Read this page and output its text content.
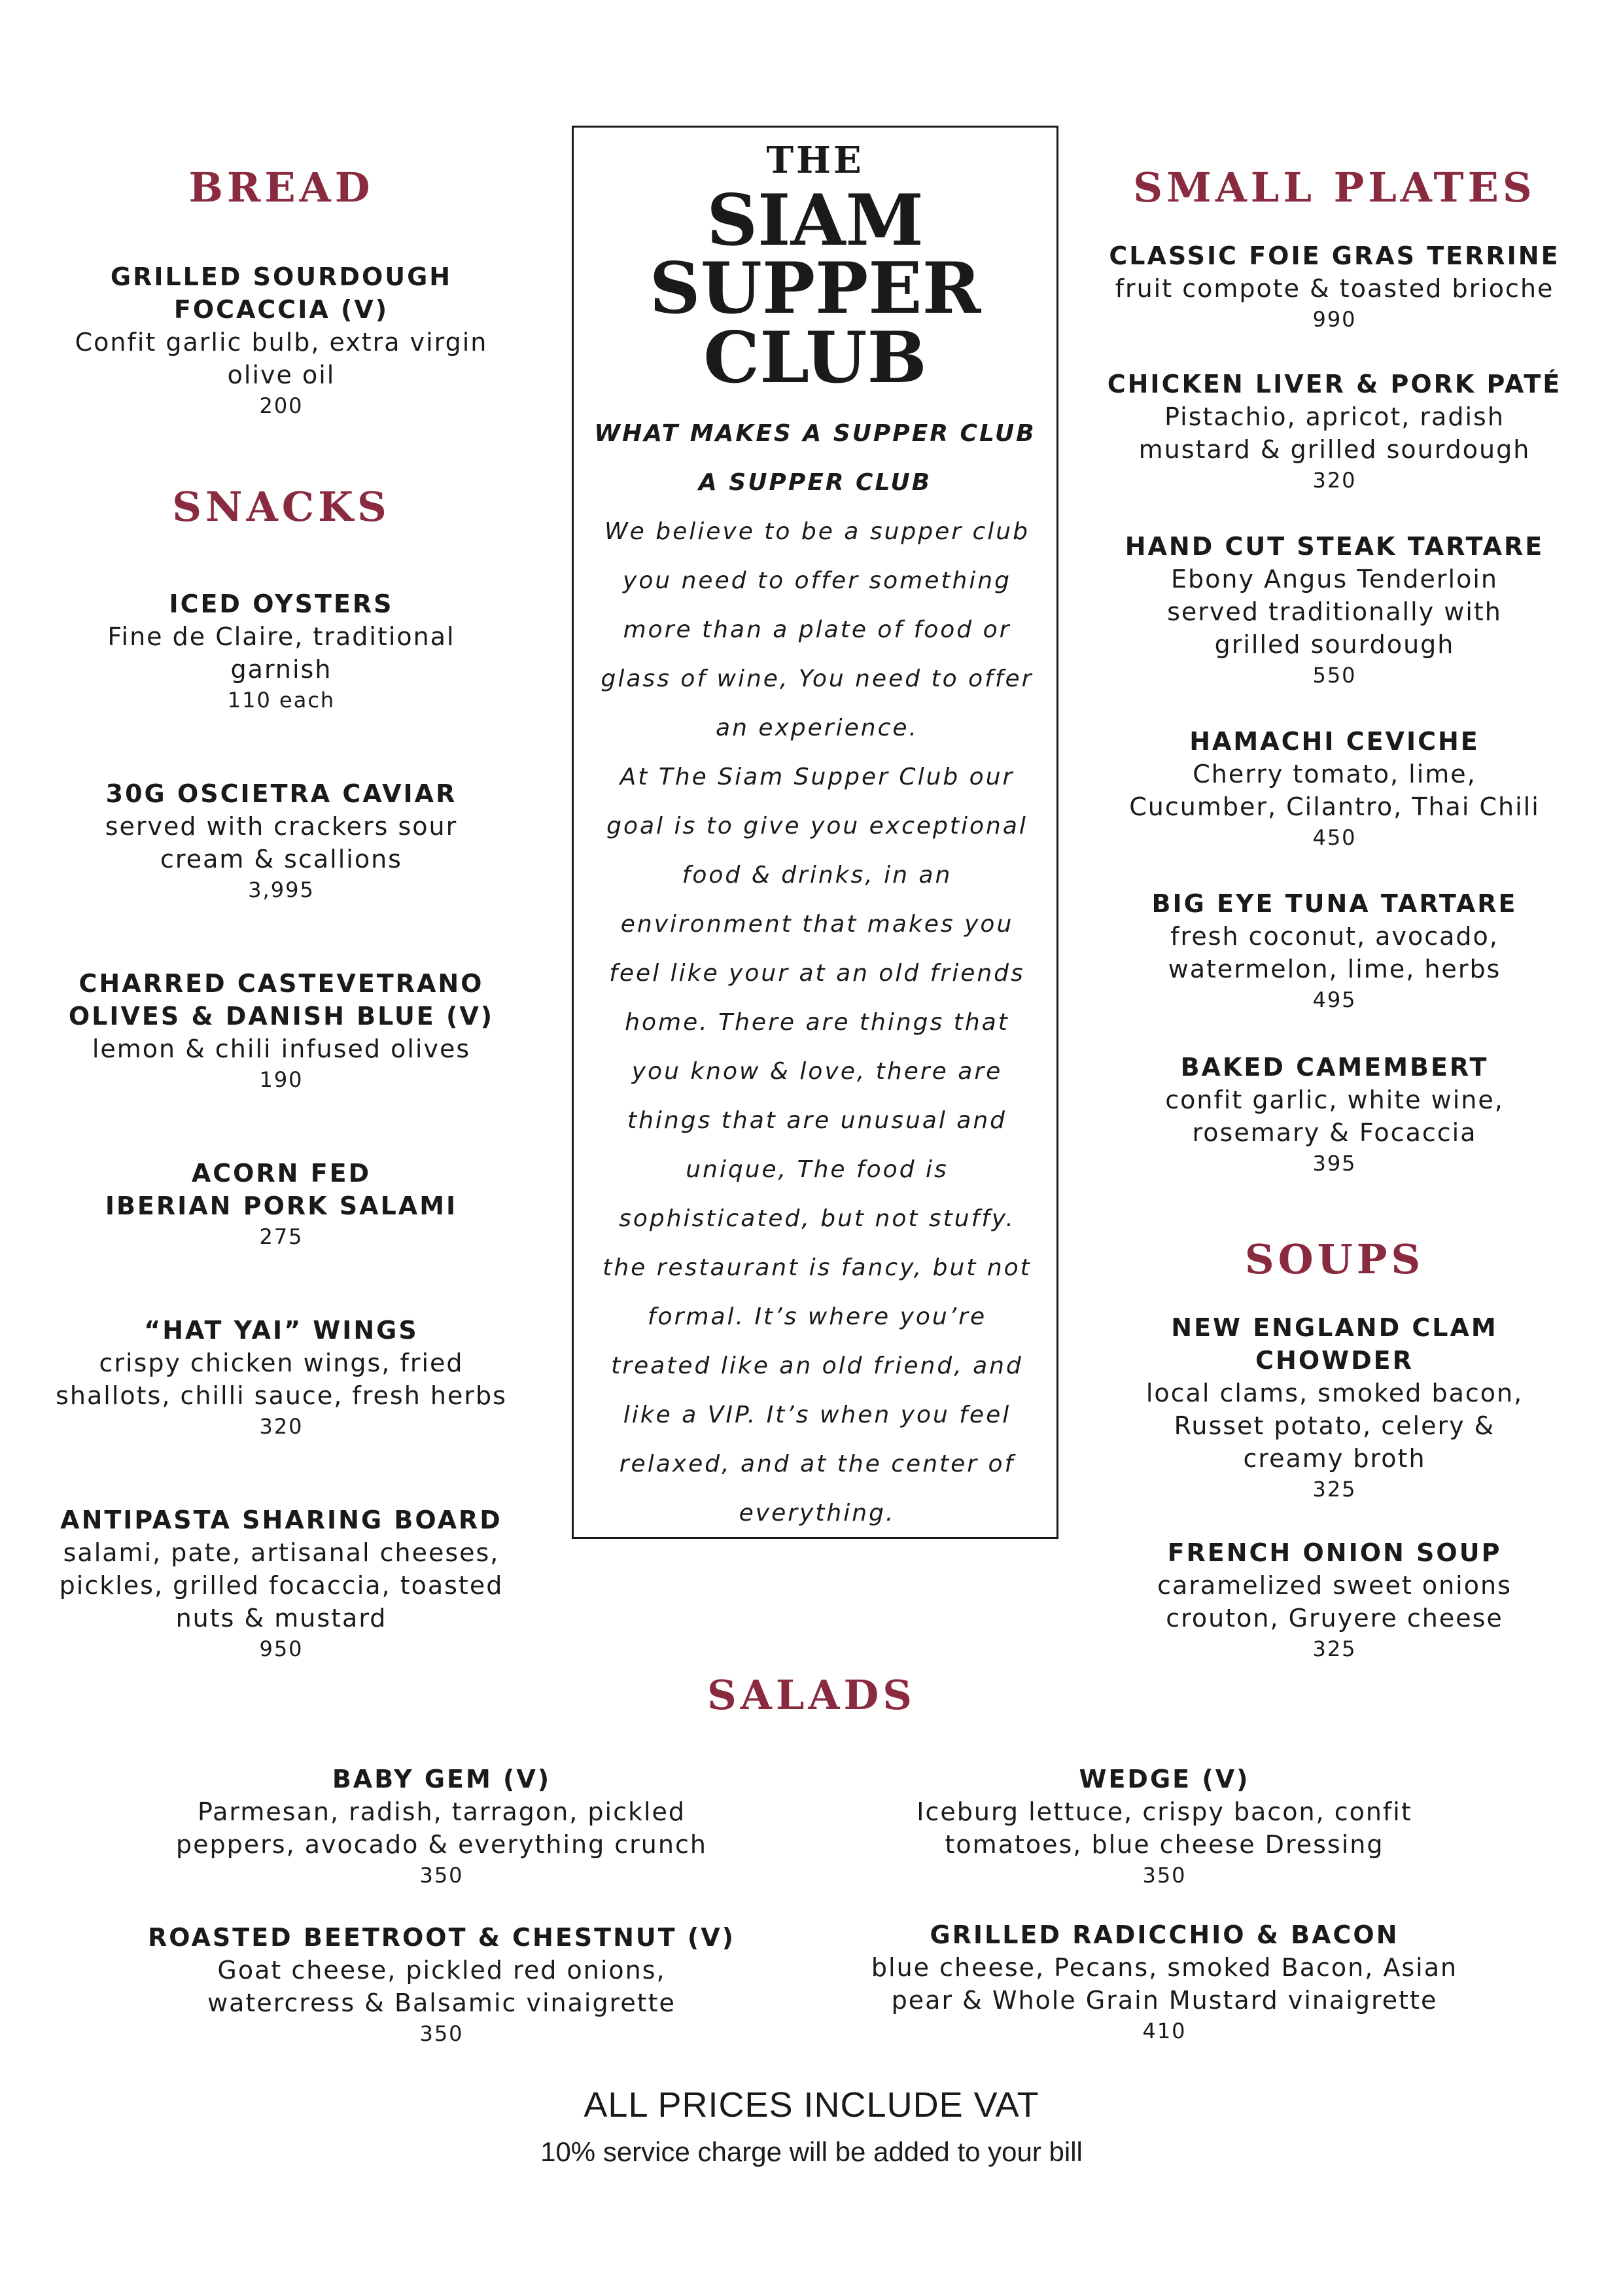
BREAD
GRILLED SOURDOUGH
FOCACCIA (V)
Confit garlic bulb, extra virgin
olive oil
200
SNACKS
ICED OYSTERS
Fine de Claire, traditional
garnish
110 each
30G OSCIETRA CAVIAR
served with crackers sour
cream & scallions
3,995
CHARRED CASTEVETRANO
OLIVES & DANISH BLUE (V)
lemon & chili infused olives
190
ACORN FED
IBERIAN PORK SALAMI
275
“HAT YAI” WINGS
crispy chicken wings, fried
shallots, chilli sauce, fresh herbs
320
ANTIPASTA SHARING BOARD
salami, pate, artisanal cheeses,
pickles, grilled focaccia, toasted
nuts & mustard
950
THE
SIAM
SUPPER
CLUB
WHAT MAKES A SUPPER CLUB
A SUPPER CLUB
We believe to be a supper club
you need to offer something
more than a plate of food or
glass of wine, You need to offer
an experience.
At The Siam Supper Club our
goal is to give you exceptional
food & drinks, in an
environment that makes you
feel like your at an old friends
home. There are things that
you know & love, there are
things that are unusual and
unique, The food is
sophisticated, but not stuffy.
the restaurant is fancy, but not
formal. It’s where you’re
treated like an old friend, and
like a VIP. It’s when you feel
relaxed, and at the center of
everything.
SMALL PLATES
CLASSIC FOIE GRAS TERRINE
fruit compote & toasted brioche
990
CHICKEN LIVER & PORK PATÉ
Pistachio, apricot, radish
mustard & grilled sourdough
320
HAND CUT STEAK TARTARE
Ebony Angus Tenderloin
served traditionally with
grilled sourdough
550
HAMACHI CEVICHE
Cherry tomato, lime,
Cucumber, Cilantro, Thai Chili
450
BIG EYE TUNA TARTARE
fresh coconut, avocado,
watermelon, lime, herbs
495
BAKED CAMEMBERT
confit garlic, white wine,
rosemary & Focaccia
395
SOUPS
NEW ENGLAND CLAM
CHOWDER
local clams, smoked bacon,
Russet potato, celery &
creamy broth
325
FRENCH ONION SOUP
caramelized sweet onions
crouton, Gruyere cheese
325
SALADS
BABY GEM (V)
Parmesan, radish, tarragon, pickled
peppers, avocado & everything crunch
350
WEDGE (V)
Iceburg lettuce, crispy bacon, confit
tomatoes, blue cheese Dressing
350
ROASTED BEETROOT & CHESTNUT (V)
Goat cheese, pickled red onions,
watercress & Balsamic vinaigrette
350
GRILLED RADICCHIO & BACON
blue cheese, Pecans, smoked Bacon, Asian
pear & Whole Grain Mustard vinaigrette
410
ALL PRICES INCLUDE VAT
10% service charge will be added to your bill
